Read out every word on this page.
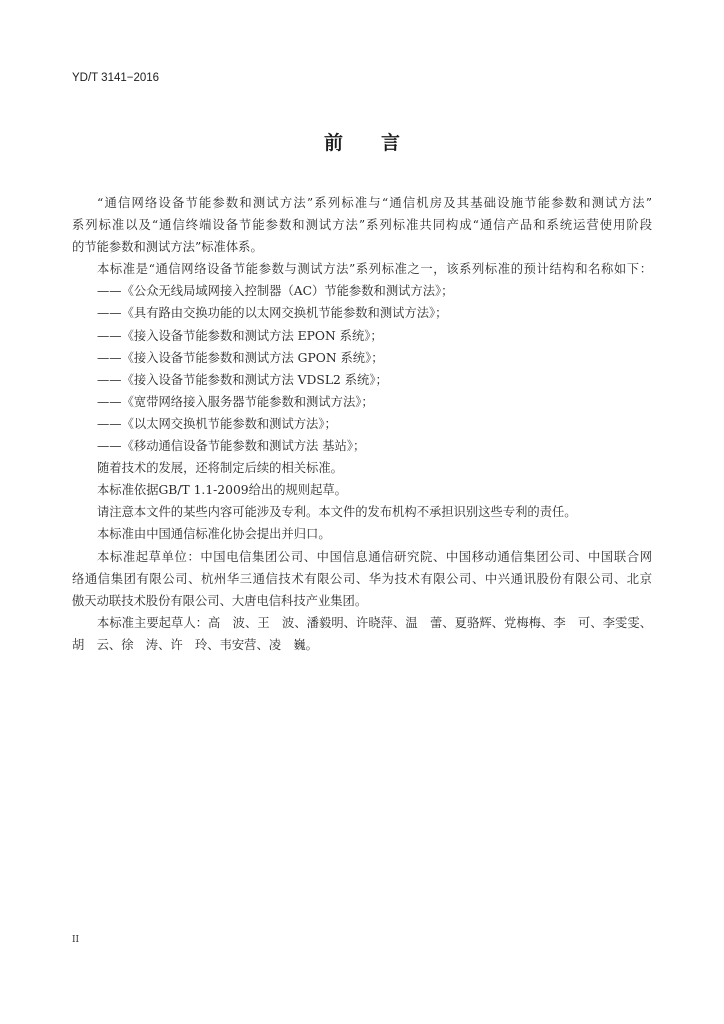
YD/T 3141−2016
前　　言
“通信网络设备节能参数和测试方法”系列标准与“通信机房及其基础设施节能参数和测试方法”
系列标准以及“通信终端设备节能参数和测试方法”系列标准共同构成“通信产品和系统运营使用阶段
的节能参数和测试方法”标准体系。
本标准是“通信网络设备节能参数与测试方法”系列标准之一，该系列标准的预计结构和名称如下：
——《公众无线局域网接入控制器（AC）节能参数和测试方法》；
——《具有路由交换功能的以太网交换机节能参数和测试方法》；
——《接入设备节能参数和测试方法 EPON 系统》；
——《接入设备节能参数和测试方法 GPON 系统》；
——《接入设备节能参数和测试方法 VDSL2 系统》；
——《宽带网络接入服务器节能参数和测试方法》；
——《以太网交换机节能参数和测试方法》；
——《移动通信设备节能参数和测试方法 基站》；
随着技术的发展，还将制定后续的相关标准。
本标准依据GB/T 1.1-2009给出的规则起草。
请注意本文件的某些内容可能涉及专利。本文件的发布机构不承担识别这些专利的责任。
本标准由中国通信标准化协会提出并归口。
本标准起草单位：中国电信集团公司、中国信息通信研究院、中国移动通信集团公司、中国联合网
络通信集团有限公司、杭州华三通信技术有限公司、华为技术有限公司、中兴通讯股份有限公司、北京
傲天动联技术股份有限公司、大唐电信科技产业集团。
本标准主要起草人：高　波、王　波、潘毅明、许晓萍、温　蕾、夏骆辉、党梅梅、李　可、李雯雯、
胡　云、徐　涛、许　玲、韦安营、凌　巍。
II
